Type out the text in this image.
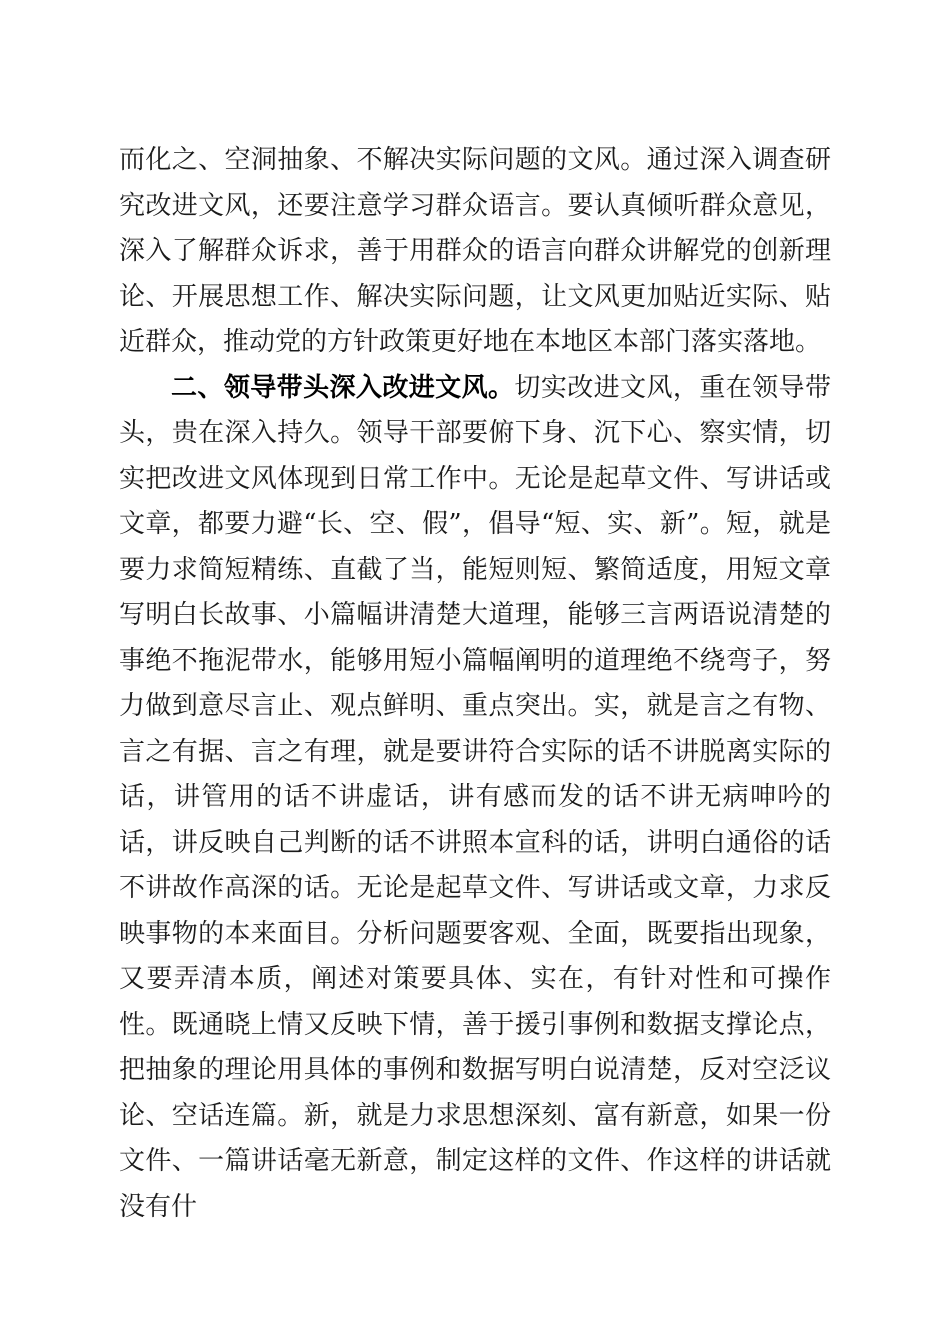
而化之、空洞抽象、不解决实际问题的文风。通过深入调查研究改进文风，还要注意学习群众语言。要认真倾听群众意见，深入了解群众诉求，善于用群众的语言向群众讲解党的创新理论、开展思想工作、解决实际问题，让文风更加贴近实际、贴近群众，推动党的方针政策更好地在本地区本部门落实落地。

二、领导带头深入改进文风。切实改进文风，重在领导带头，贵在深入持久。领导干部要俯下身、沉下心、察实情，切实把改进文风体现到日常工作中。无论是起草文件、写讲话或文章，都要力避“长、空、假”，倡导“短、实、新”。短，就是要力求简短精练、直截了当，能短则短、繁简适度，用短文章写明白长故事、小篇幅讲清楚大道理，能够三言两语说清楚的事绝不拖泥带水，能够用短小篇幅阐明的道理绝不绕弯子，努力做到意尽言止、观点鲜明、重点突出。实，就是言之有物、言之有据、言之有理，就是要讲符合实际的话不讲脱离实际的话，讲管用的话不讲虚话，讲有感而发的话不讲无病呻吟的话，讲反映自己判断的话不讲照本宣科的话，讲明白通俗的话不讲故作高深的话。无论是起草文件、写讲话或文章，力求反映事物的本来面目。分析问题要客观、全面，既要指出现象，又要弄清本质，阐述对策要具体、实在，有针对性和可操作性。既通晓上情又反映下情，善于援引事例和数据支撑论点，把抽象的理论用具体的事例和数据写明白说清楚，反对空泛议论、空话连篇。新，就是力求思想深刻、富有新意，如果一份文件、一篇讲话毫无新意，制定这样的文件、作这样的讲话就没有什
